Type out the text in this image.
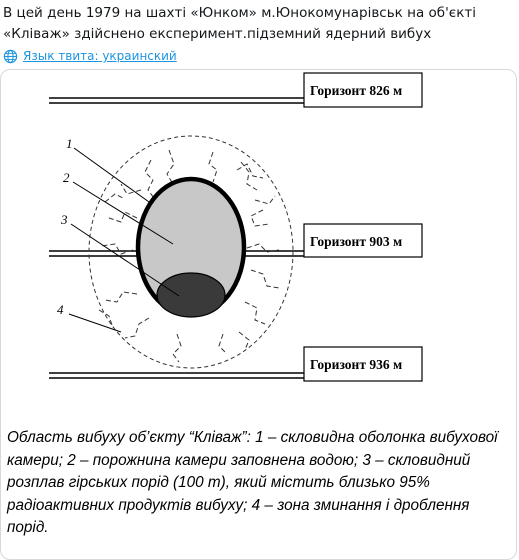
В цей день 1979 на шахті «Юнком» м.Юнокомунарівськ на об'єкті «Кліваж» здійснено експеримент.підземний ядерний вибух
Язык твита: украинский
Горизонт 826 м
Горизонт 903 м
Горизонт 936 м
1
2
3
4
Область вибуху об’єкту “Кліваж”: 1 – скловидна оболонка вибухової камери; 2 – порожнина камери заповнена водою; 3 – скловидний розплав гірських порід (100 т), який містить близько 95% радіоактивних продуктів вибуху; 4 – зона зминання і дроблення порід.
